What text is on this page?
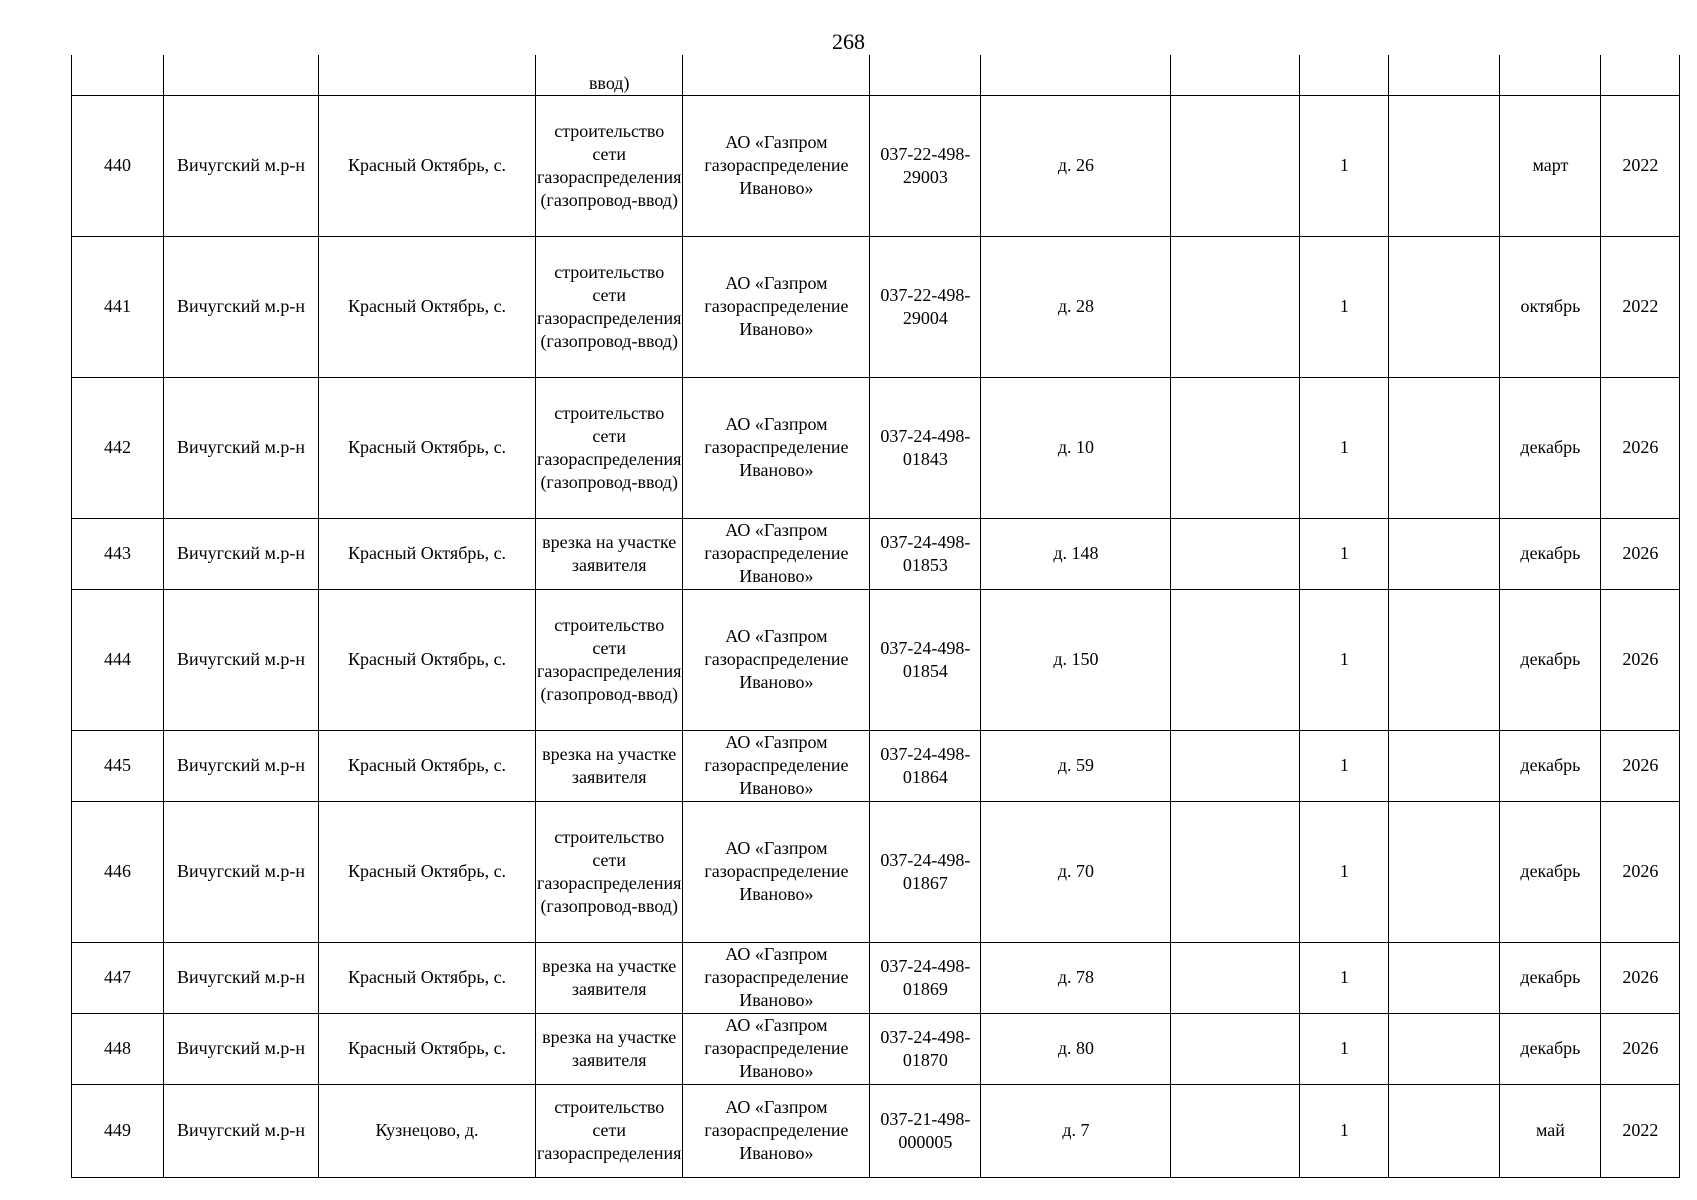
268
			ввод)								
440	Вичугский м.р-н	Красный Октябрь, с.	строительство сети газораспределения (газопровод-ввод)	АО «Газпром газораспределение Иваново»	037-22-498-29003	д. 26		1		март	2022
441	Вичугский м.р-н	Красный Октябрь, с.	строительство сети газораспределения (газопровод-ввод)	АО «Газпром газораспределение Иваново»	037-22-498-29004	д. 28		1		октябрь	2022
442	Вичугский м.р-н	Красный Октябрь, с.	строительство сети газораспределения (газопровод-ввод)	АО «Газпром газораспределение Иваново»	037-24-498-01843	д. 10		1		декабрь	2026
443	Вичугский м.р-н	Красный Октябрь, с.	врезка на участке заявителя	АО «Газпром газораспределение Иваново»	037-24-498-01853	д. 148		1		декабрь	2026
444	Вичугский м.р-н	Красный Октябрь, с.	строительство сети газораспределения (газопровод-ввод)	АО «Газпром газораспределение Иваново»	037-24-498-01854	д. 150		1		декабрь	2026
445	Вичугский м.р-н	Красный Октябрь, с.	врезка на участке заявителя	АО «Газпром газораспределение Иваново»	037-24-498-01864	д. 59		1		декабрь	2026
446	Вичугский м.р-н	Красный Октябрь, с.	строительство сети газораспределения (газопровод-ввод)	АО «Газпром газораспределение Иваново»	037-24-498-01867	д. 70		1		декабрь	2026
447	Вичугский м.р-н	Красный Октябрь, с.	врезка на участке заявителя	АО «Газпром газораспределение Иваново»	037-24-498-01869	д. 78		1		декабрь	2026
448	Вичугский м.р-н	Красный Октябрь, с.	врезка на участке заявителя	АО «Газпром газораспределение Иваново»	037-24-498-01870	д. 80		1		декабрь	2026
449	Вичугский м.р-н	Кузнецово, д.	строительство сети газораспределения	АО «Газпром газораспределение Иваново»	037-21-498-000005	д. 7		1		май	2022
